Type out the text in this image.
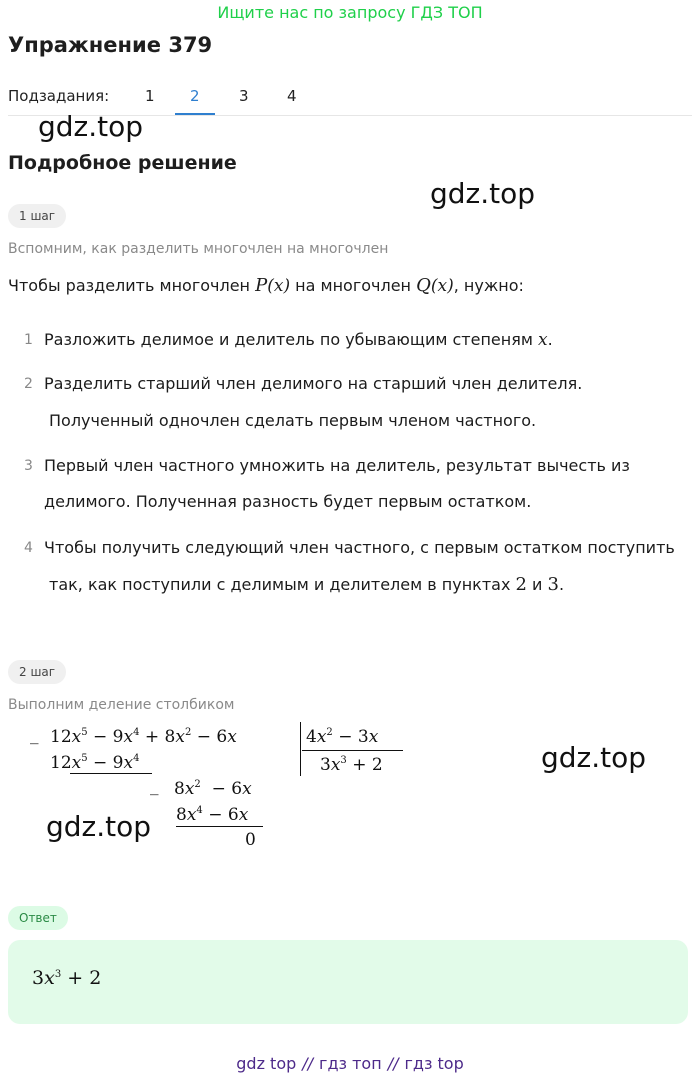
Ищите нас по запросу ГДЗ ТОП
Упражнение 379
Подзадания: 1 2	3	4
gdz.top
gdz.top
gdz.top
gdz.top
Подробное решение
1 шаг
Вспомним, как разделить многочлен на многочлен
Чтобы разделить многочлен P(x) на многочлен Q(x), нужно:
1 Разложить делимое и делитель по убывающим степеням x.
2 Разделить старший член делимого на старший член делителя.
Полученный одночлен сделать первым членом частного.
3 Первый член частного умножить на делитель, результат вычесть из
делимого. Полученная разность будет первым остатком.
4 Чтобы получить следующий член частного, с первым остатком поступить
так, как поступили с делимым и делителем в пунктах 2 и 3.
2 шаг
Выполним деление столбиком
_ $12x^5 - 9x^4 + 8x^2 - 6x$
$12x^5 - 9x^4$
$4x^2 - 3x$
$3x^3 + 2$
_ $8x^2 - 6x$
$8x^4 - 6x$
0
Ответ
$3x^3 + 2$
gdz top // гдз топ // гдз top
